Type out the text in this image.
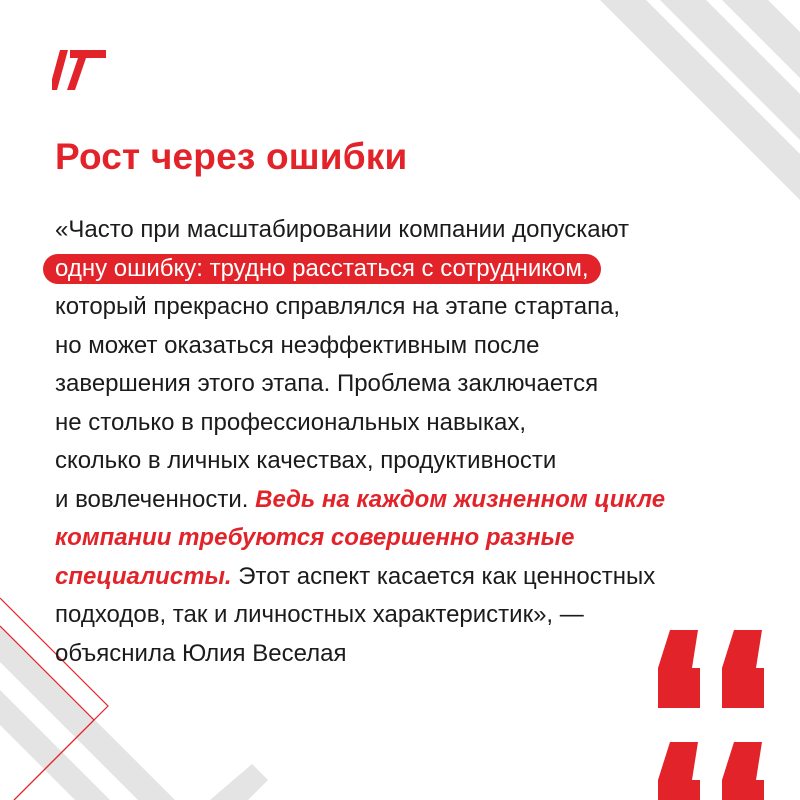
Рост через ошибки
«Часто при масштабировании компании допускают
одну ошибку: трудно расстаться с сотрудником,
который прекрасно справлялся на этапе стартапа,
но может оказаться неэффективным после
завершения этого этапа. Проблема заключается
не столько в профессиональных навыках,
сколько в личных качествах, продуктивности
и вовлеченности. Ведь на каждом жизненном цикле
компании требуются совершенно разные
специалисты. Этот аспект касается как ценностных
подходов, так и личностных характеристик», —
объяснила Юлия Веселая
